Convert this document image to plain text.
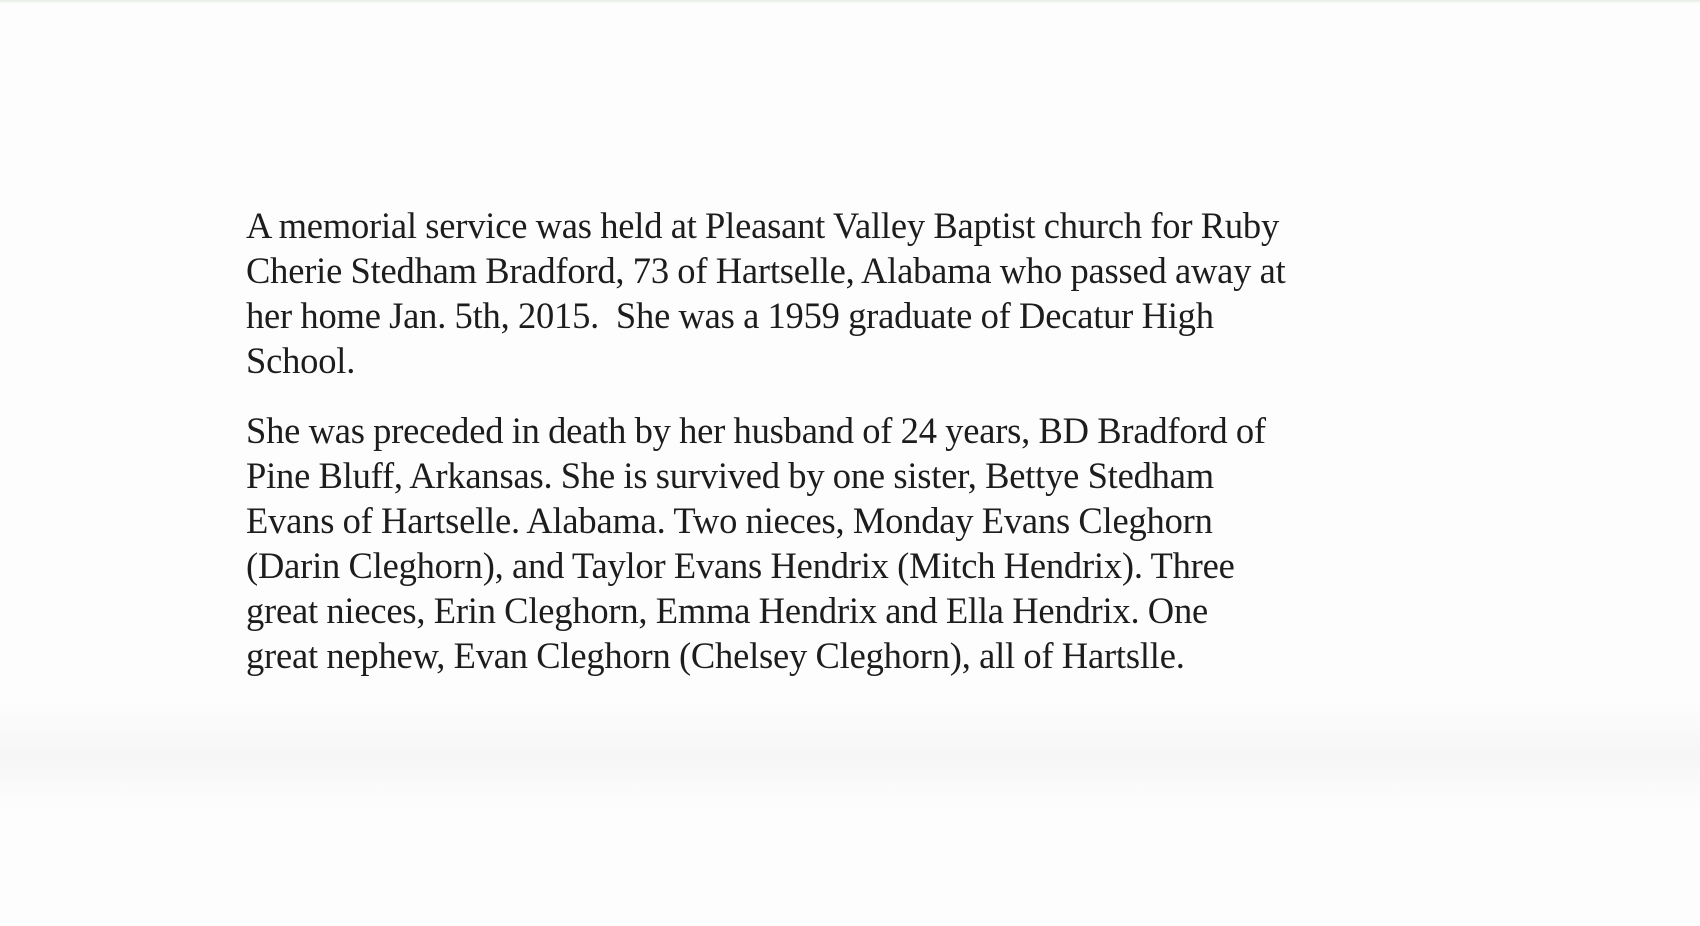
A memorial service was held at Pleasant Valley Baptist church for Ruby

Cherie Stedham Bradford, 73 of Hartselle, Alabama who passed away at

her home Jan. 5th, 2015.  She was a 1959 graduate of Decatur High

School.

She was preceded in death by her husband of 24 years, BD Bradford of

Pine Bluff, Arkansas. She is survived by one sister, Bettye Stedham

Evans of Hartselle. Alabama. Two nieces, Monday Evans Cleghorn

(Darin Cleghorn), and Taylor Evans Hendrix (Mitch Hendrix). Three

great nieces, Erin Cleghorn, Emma Hendrix and Ella Hendrix. One

great nephew, Evan Cleghorn (Chelsey Cleghorn), all of Hartslle.
